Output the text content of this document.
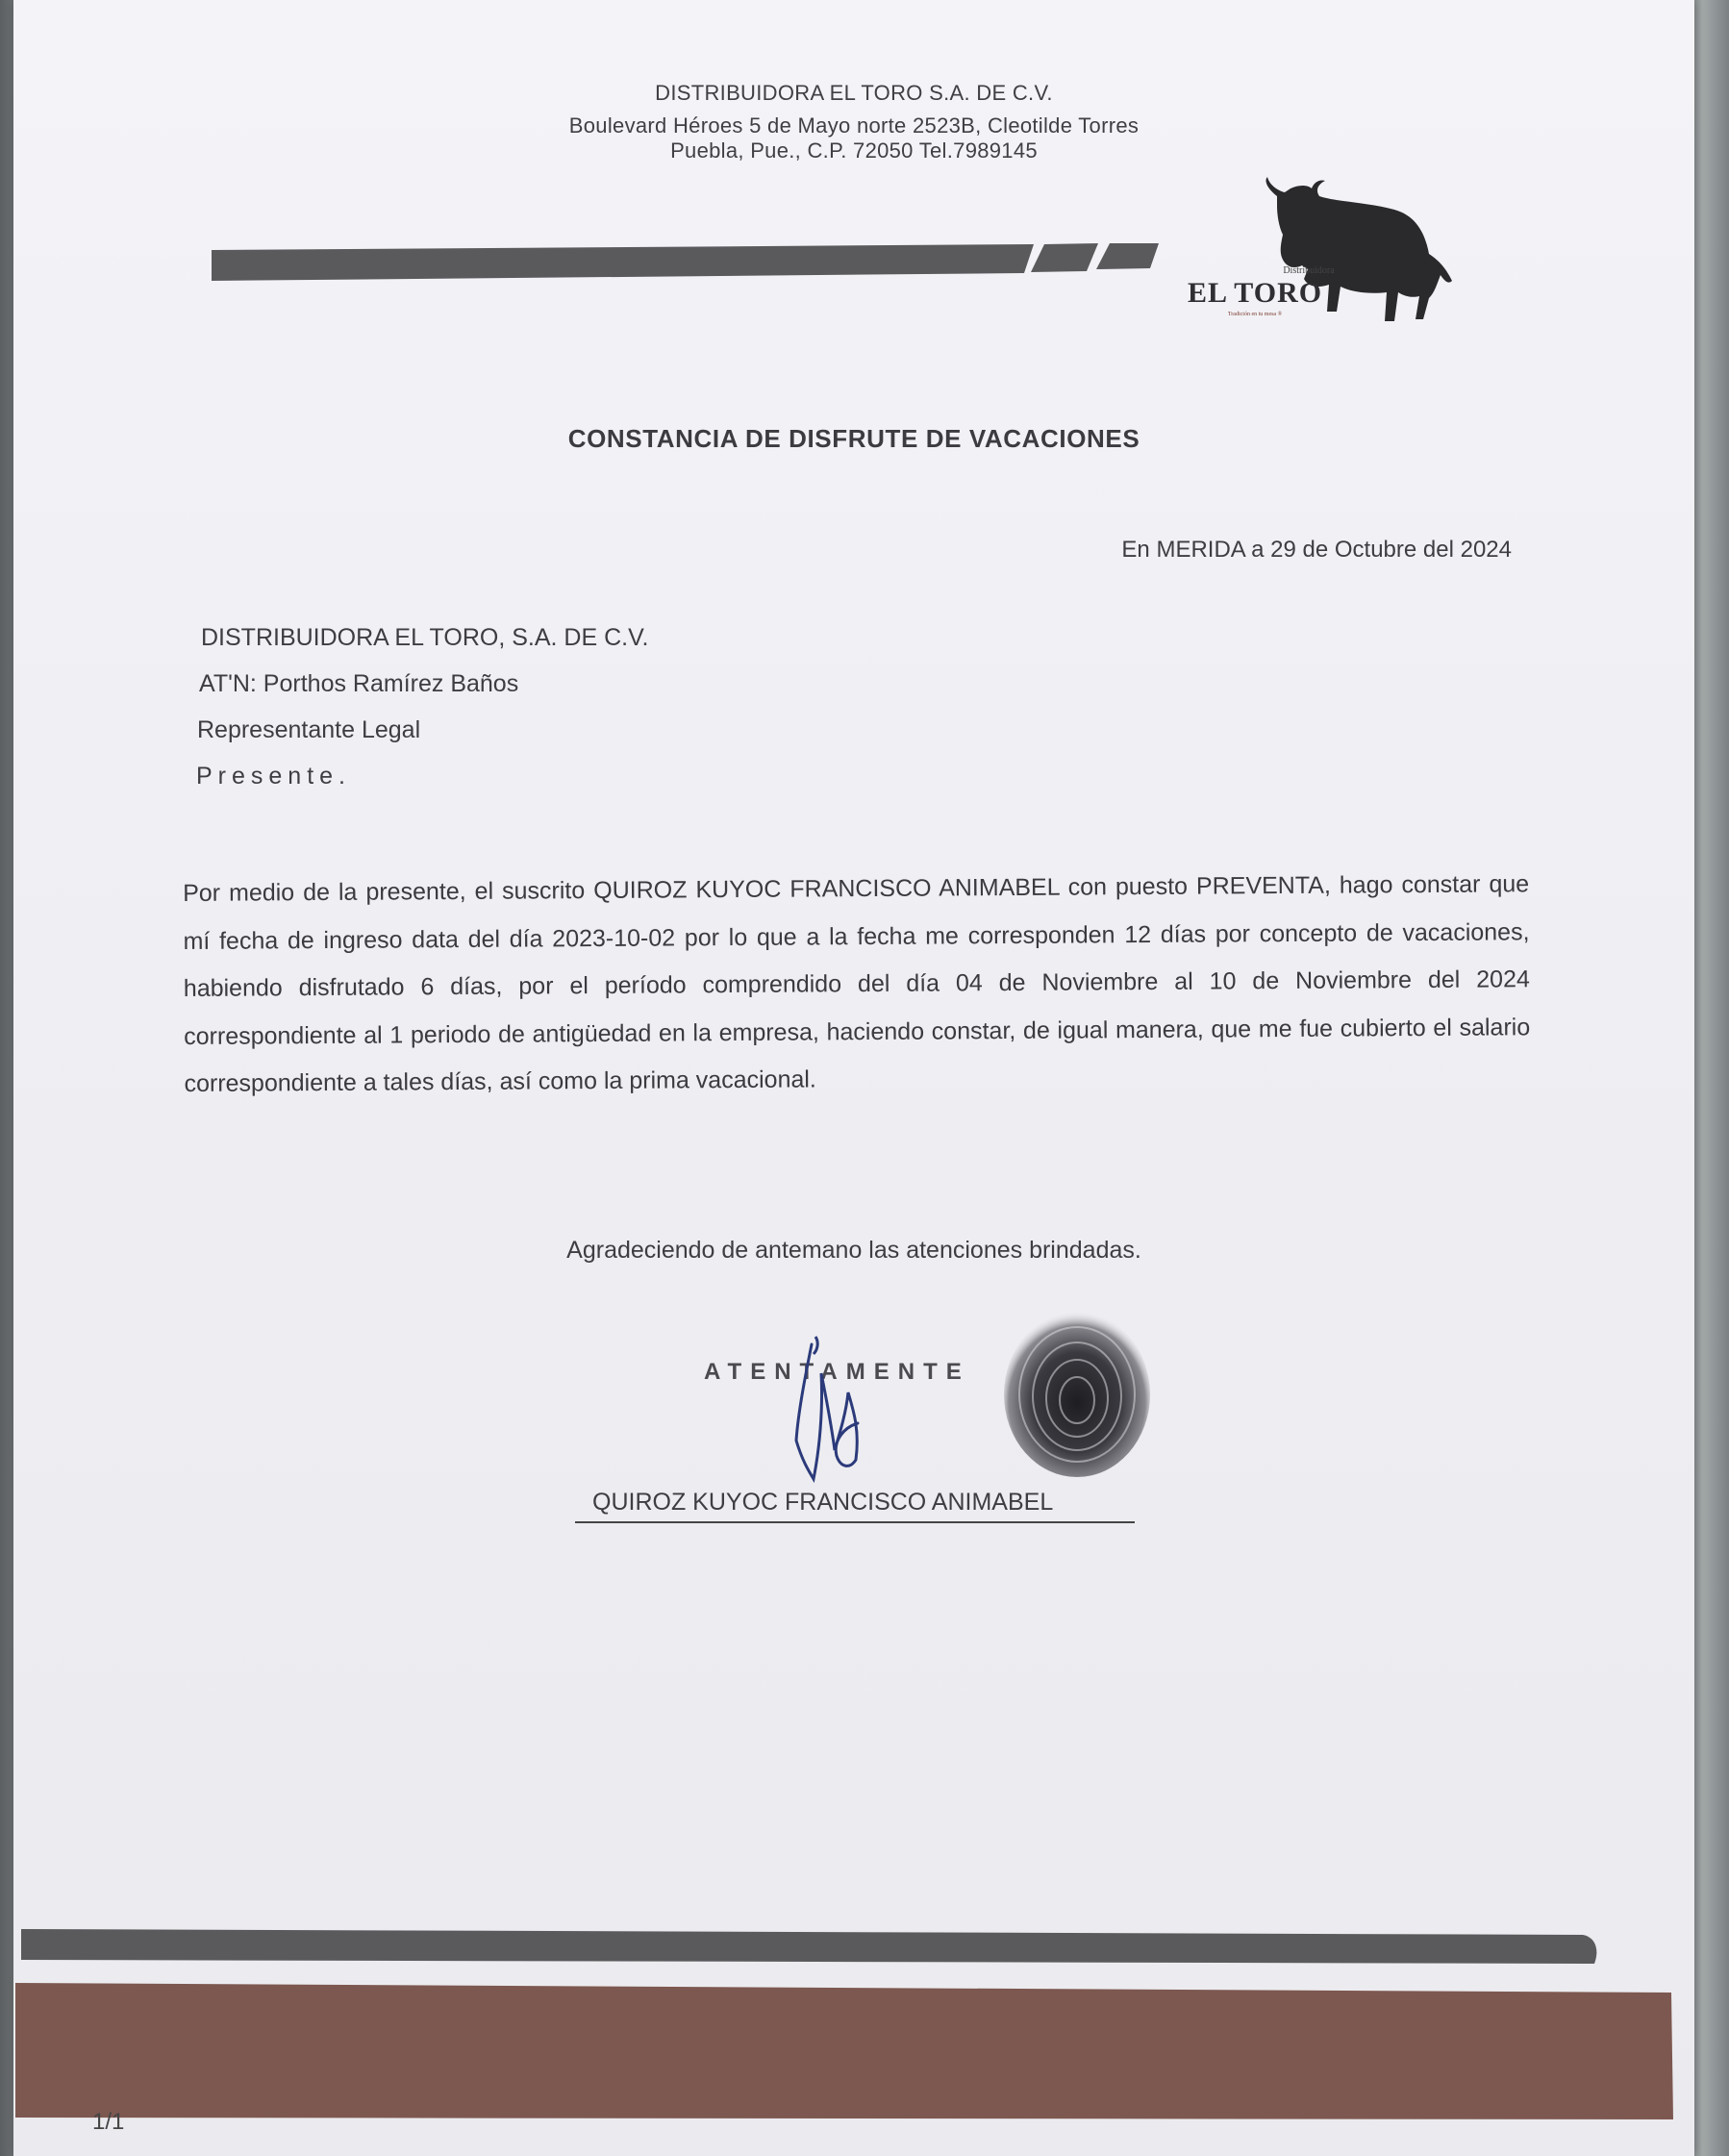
DISTRIBUIDORA EL TORO S.A. DE C.V.
Boulevard Héroes 5 de Mayo norte 2523B, Cleotilde Torres
Puebla, Pue., C.P. 72050 Tel.7989145
Distribuidora
EL TORO
Tradición en tu mesa ®
CONSTANCIA DE DISFRUTE DE VACACIONES
En MERIDA a 29 de Octubre del 2024
DISTRIBUIDORA EL TORO, S.A. DE C.V.
AT'N: Porthos Ramírez Baños
Representante Legal
Presente.
Por medio de la presente, el suscrito QUIROZ KUYOC FRANCISCO ANIMABEL con puesto PREVENTA, hago constar que mí fecha de ingreso data del día 2023-10-02 por lo que a la fecha me corresponden 12 días por concepto de vacaciones, habiendo disfrutado 6 días, por el período comprendido del día 04 de Noviembre al 10 de Noviembre del 2024 correspondiente al 1 periodo de antigüedad en la empresa, haciendo constar, de igual manera, que me fue cubierto el salario correspondiente a tales días, así como la prima vacacional.
Agradeciendo de antemano las atenciones brindadas.
ATENTAMENTE
QUIROZ KUYOC FRANCISCO ANIMABEL
1/1
